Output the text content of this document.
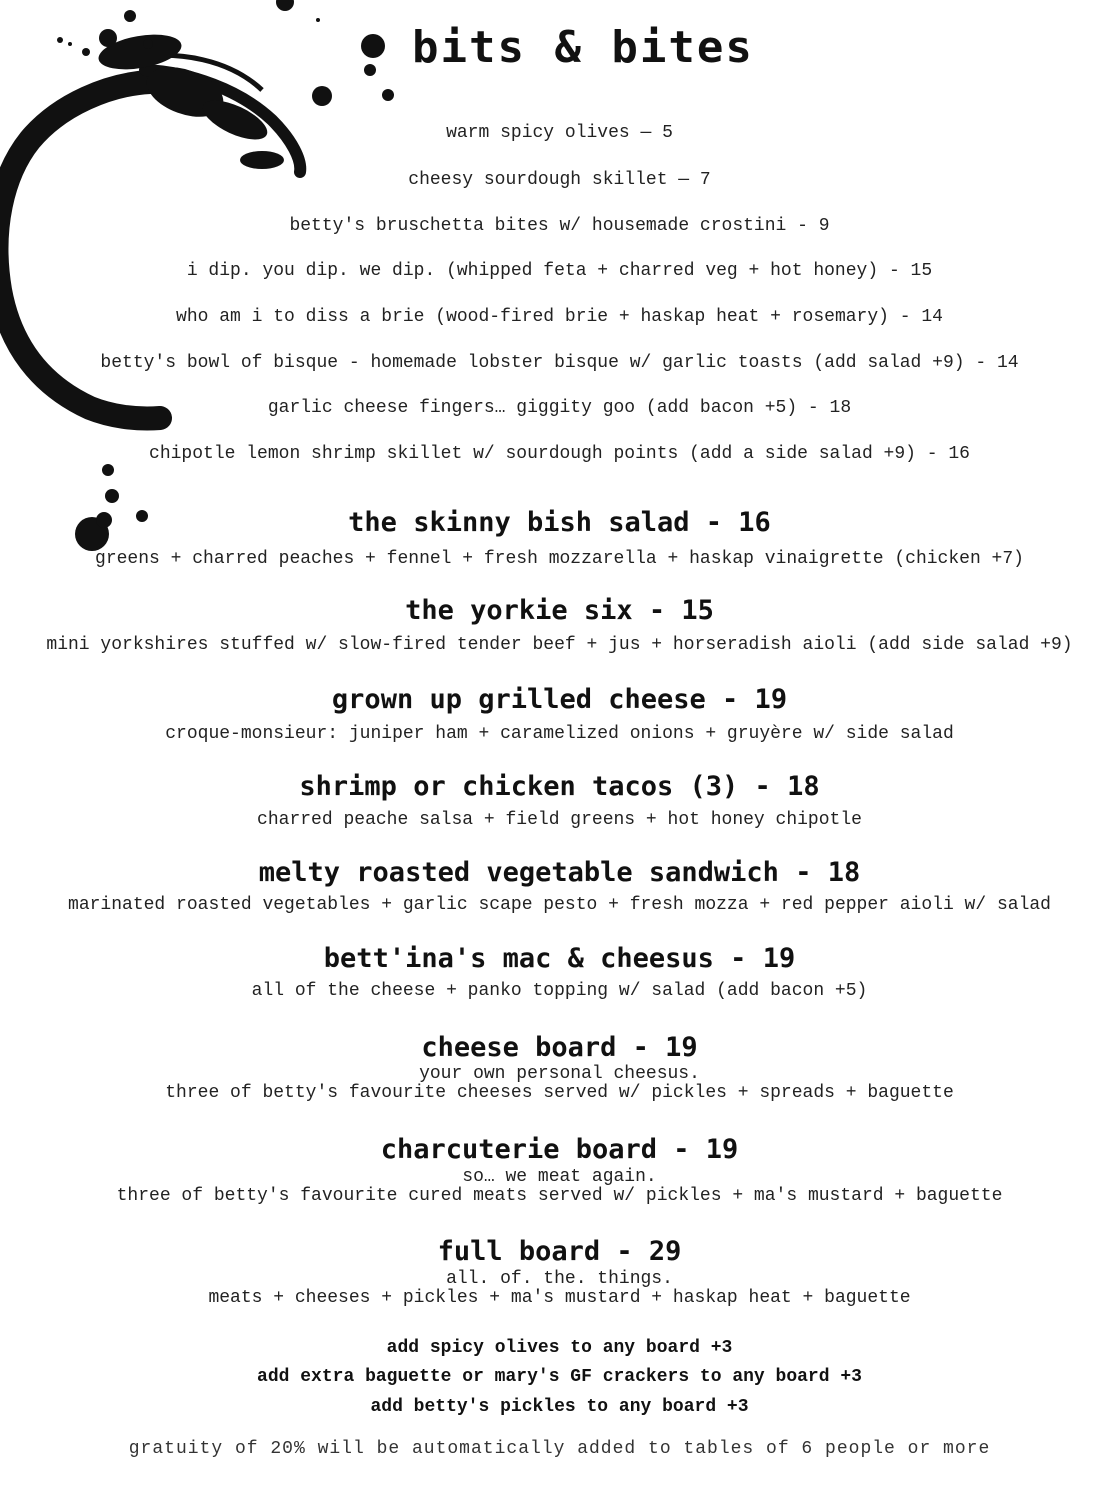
bits & bites
warm spicy olives — 5
cheesy sourdough skillet — 7
betty's bruschetta bites w/ housemade crostini - 9
i dip. you dip. we dip. (whipped feta + charred veg + hot honey) - 15
who am i to diss a brie (wood-fired brie + haskap heat + rosemary) - 14
betty's bowl of bisque - homemade lobster bisque w/ garlic toasts (add salad +9) - 14
garlic cheese fingers… giggity goo (add bacon +5) - 18
chipotle lemon shrimp skillet w/ sourdough points (add a side salad +9) - 16
the skinny bish salad - 16
greens + charred peaches + fennel + fresh mozzarella + haskap vinaigrette (chicken +7)
the yorkie six - 15
mini yorkshires stuffed w/ slow-fired tender beef + jus + horseradish aioli (add side salad +9)
grown up grilled cheese - 19
croque-monsieur: juniper ham + caramelized onions + gruyère w/ side salad
shrimp or chicken tacos (3) - 18
charred peache salsa + field greens + hot honey chipotle
melty roasted vegetable sandwich - 18
marinated roasted vegetables + garlic scape pesto + fresh mozza + red pepper aioli w/ salad
bett'ina's mac & cheesus - 19
all of the cheese + panko topping w/ salad (add bacon +5)
cheese board - 19
your own personal cheesus.
three of betty's favourite cheeses served w/ pickles + spreads + baguette
charcuterie board - 19
so… we meat again.
three of betty's favourite cured meats served w/ pickles + ma's mustard + baguette
full board - 29
all. of. the. things.
meats + cheeses + pickles + ma's mustard + haskap heat + baguette
add spicy olives to any board +3
add extra baguette or mary's GF crackers to any board +3
add betty's pickles to any board +3
gratuity of 20% will be automatically added to tables of 6 people or more
